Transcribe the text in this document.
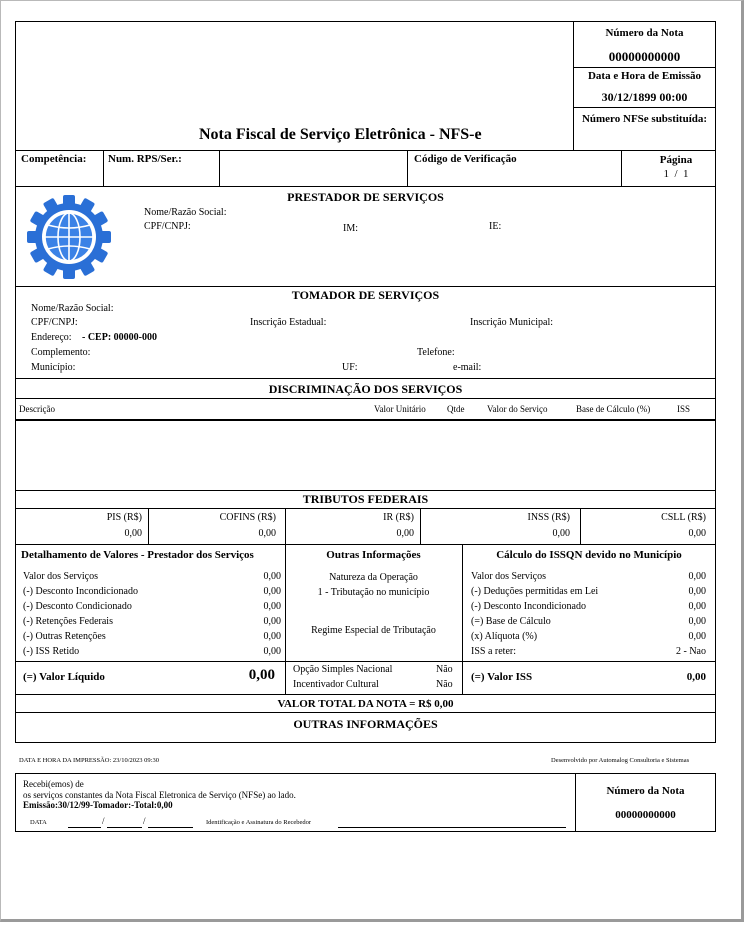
Nota Fiscal de Serviço Eletrônica - NFS-e
Número da Nota
00000000000
Data e Hora de Emissão
30/12/1899 00:00
Número NFSe substituída:
Competência: Num. RPS/Ser.:	Código de Verificação	Página
1  /  1
PRESTADOR DE SERVIÇOS
Nome/Razão Social:
CPF/CNPJ:	IM:	IE:
TOMADOR DE SERVIÇOS
Nome/Razão Social:
CPF/CNPJ:	Inscrição Estadual:	Inscrição Municipal:
Endereço: - CEP: 00000-000
Complemento:	Telefone:
Município:	UF:	e-mail:
DISCRIMINAÇÃO DOS SERVIÇOS
Descrição	Valor Unitário Qtde	Valor do Serviço	Base de Cálculo (%)	ISS
TRIBUTOS FEDERAIS
PIS (R$)
0,00
COFINS (R$)
0,00
IR (R$)
0,00
INSS (R$)
0,00
CSLL (R$)
0,00
Detalhamento de Valores - Prestador dos Serviços
Valor dos Serviços	0,00
(-) Desconto Incondicionado	0,00
(-) Desconto Condicionado	0,00
(-) Retenções Federais	0,00
(-) Outras Retenções	0,00
(-) ISS Retido	0,00
(=) Valor Líquido	0,00
Outras Informações
Natureza da Operação
1 - Tributação no município
Regime Especial de Tributação
Opção Simples Nacional	Não
Incentivador Cultural	Não
Cálculo do ISSQN devido no Município
Valor dos Serviços	0,00
(-) Deduções permitidas em Lei	0,00
(-) Desconto Incondicionado	0,00
(=) Base de Cálculo	0,00
(x) Alíquota (%)	0,00
ISS a reter:	2 - Nao
(=) Valor ISS	0,00
VALOR TOTAL DA NOTA = R$ 0,00
OUTRAS INFORMAÇÕES
DATA E HORA DA IMPRESSÃO: 23/10/2023 09:30	Desenvolvido por Automalog Consultoria e Sistemas
Recebi(emos) de
os serviços constantes da Nota Fiscal Eletronica de Serviço (NFSe) ao lado.
Emissão:30/12/99-Tomador:-Total:0,00
DATA	/	/	Identificação e Assinatura do Recebedor
Número da Nota
00000000000
